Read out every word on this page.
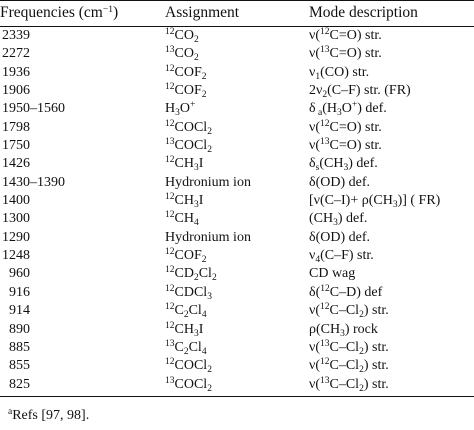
Frequencies $(cm^{-1})$	Assignment	Mode description
2339	$^{12}CO_2$	ν($^{12}$C=O) str.
2272	$^{13}CO_2$	ν($^{13}$C=O) str.
1936	$^{12}COF_2$	$\nu_1(CO)$ str.
1906	$^{12}COF_2$	$2\nu_2(C-F)$ str. (FR)
1950–1560	$H_3O^+$	δ $_a(H_3O^+)$ def.
1798	$^{12}$COCl$_2$	ν($^{12}$C=O) str.
1750	$^{13}$COCl$_2$	ν($^{13}$C=O) str.
1426	$^{12}CH_3I$	$\delta_s(CH_3)$ def.
1430–1390	Hydronium ion	δ(OD) def.
1400	$^{12}CH_3I$	$[\nu(C-I)+ \rho(CH_3)]$ ( FR)
1300	$^{12}CH_4$	$(CH_3)$ def.
1290	Hydronium ion	δ(OD) def.
1248	$^{12}COF_2$	$\nu_4(C-F)$ str.
960	$^{12}CD_2Cl_2$	CD wag
916	$^{12}$CDCl$_3$	δ($^{12}$C–D) def
914	$^{12}C_2Cl_4$	$\nu(^{12}C-Cl_2)$ str.
890	$^{12}CH_3I$	$\rho(CH_3)$ rock
885	$^{13}C_2Cl_4$	$\nu(^{13}C-Cl_2)$ str.
855	$^{12}$COCl$_2$	$\nu(^{12}C-Cl_2)$ str.
825	$^{13}$COCl$_2$	$\nu(^{13}C-Cl_2)$ str.
$^a$Refs [97, 98].
